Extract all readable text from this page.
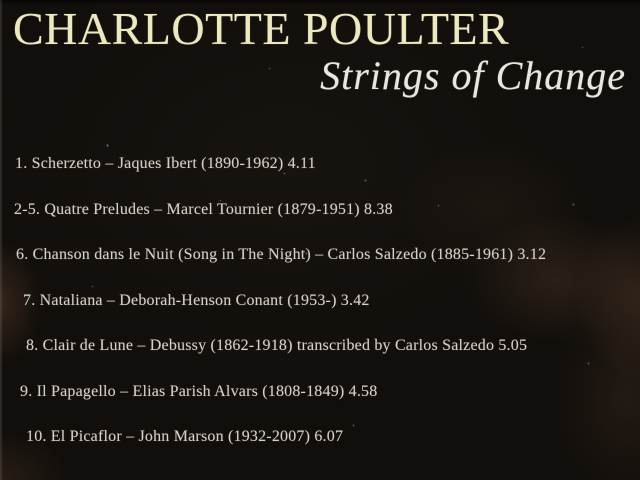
CHARLOTTE POULTER
Strings of Change
1. Scherzetto – Jaques Ibert (1890-1962) 4.11
2-5. Quatre Preludes – Marcel Tournier (1879-1951) 8.38
6. Chanson dans le Nuit (Song in The Night) – Carlos Salzedo (1885-1961) 3.12
7. Nataliana – Deborah-Henson Conant (1953-) 3.42
8. Clair de Lune – Debussy (1862-1918) transcribed by Carlos Salzedo 5.05
9. Il Papagello – Elias Parish Alvars (1808-1849) 4.58
10. El Picaflor – John Marson (1932-2007) 6.07
